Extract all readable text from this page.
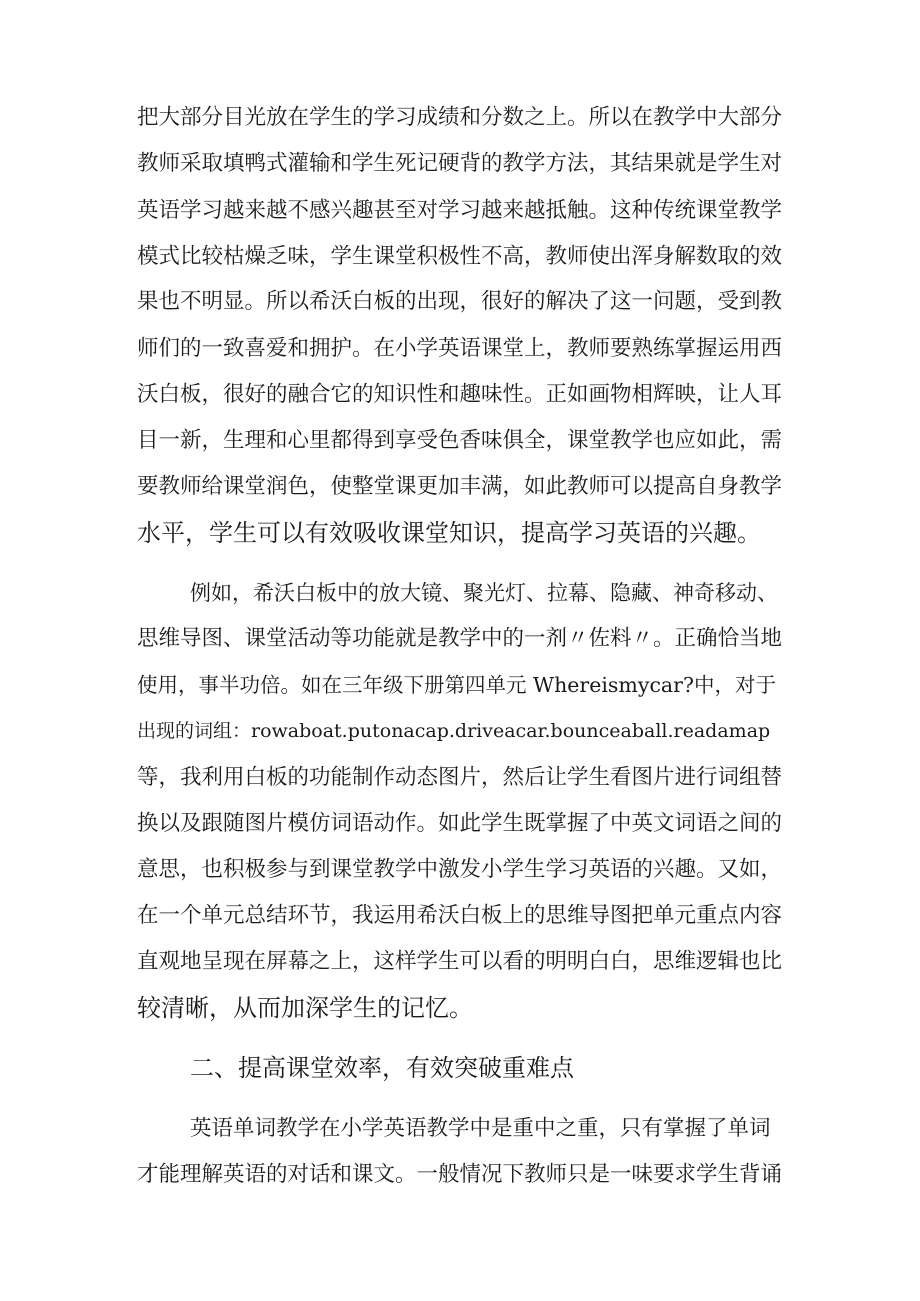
把大部分目光放在学生的学习成绩和分数之上。所以在教学中大部分
教师采取填鸭式灌输和学生死记硬背的教学方法，其结果就是学生对
英语学习越来越不感兴趣甚至对学习越来越抵触。这种传统课堂教学
模式比较枯燥乏味，学生课堂积极性不高，教师使出浑身解数取的效
果也不明显。所以希沃白板的出现，很好的解决了这一问题，受到教
师们的一致喜爱和拥护。在小学英语课堂上，教师要熟练掌握运用西
沃白板，很好的融合它的知识性和趣味性。正如画物相辉映，让人耳
目一新，生理和心里都得到享受色香味俱全，课堂教学也应如此，需
要教师给课堂润色，使整堂课更加丰满，如此教师可以提高自身教学
水平，学生可以有效吸收课堂知识，提高学习英语的兴趣。
例如，希沃白板中的放大镜、聚光灯、拉幕、隐藏、神奇移动、
思维导图、课堂活动等功能就是教学中的一剂〃佐料〃。正确恰当地
使用，事半功倍。如在三年级下册第四单元 Whereismycar?中，对于
出现的词组：rowaboat.putonacap.driveacar.bounceaball.readamap
等，我利用白板的功能制作动态图片，然后让学生看图片进行词组替
换以及跟随图片模仿词语动作。如此学生既掌握了中英文词语之间的
意思，也积极参与到课堂教学中激发小学生学习英语的兴趣。又如，
在一个单元总结环节，我运用希沃白板上的思维导图把单元重点内容
直观地呈现在屏幕之上，这样学生可以看的明明白白，思维逻辑也比
较清晰，从而加深学生的记忆。
二、提高课堂效率，有效突破重难点
英语单词教学在小学英语教学中是重中之重，只有掌握了单词
才能理解英语的对话和课文。一般情况下教师只是一味要求学生背诵
